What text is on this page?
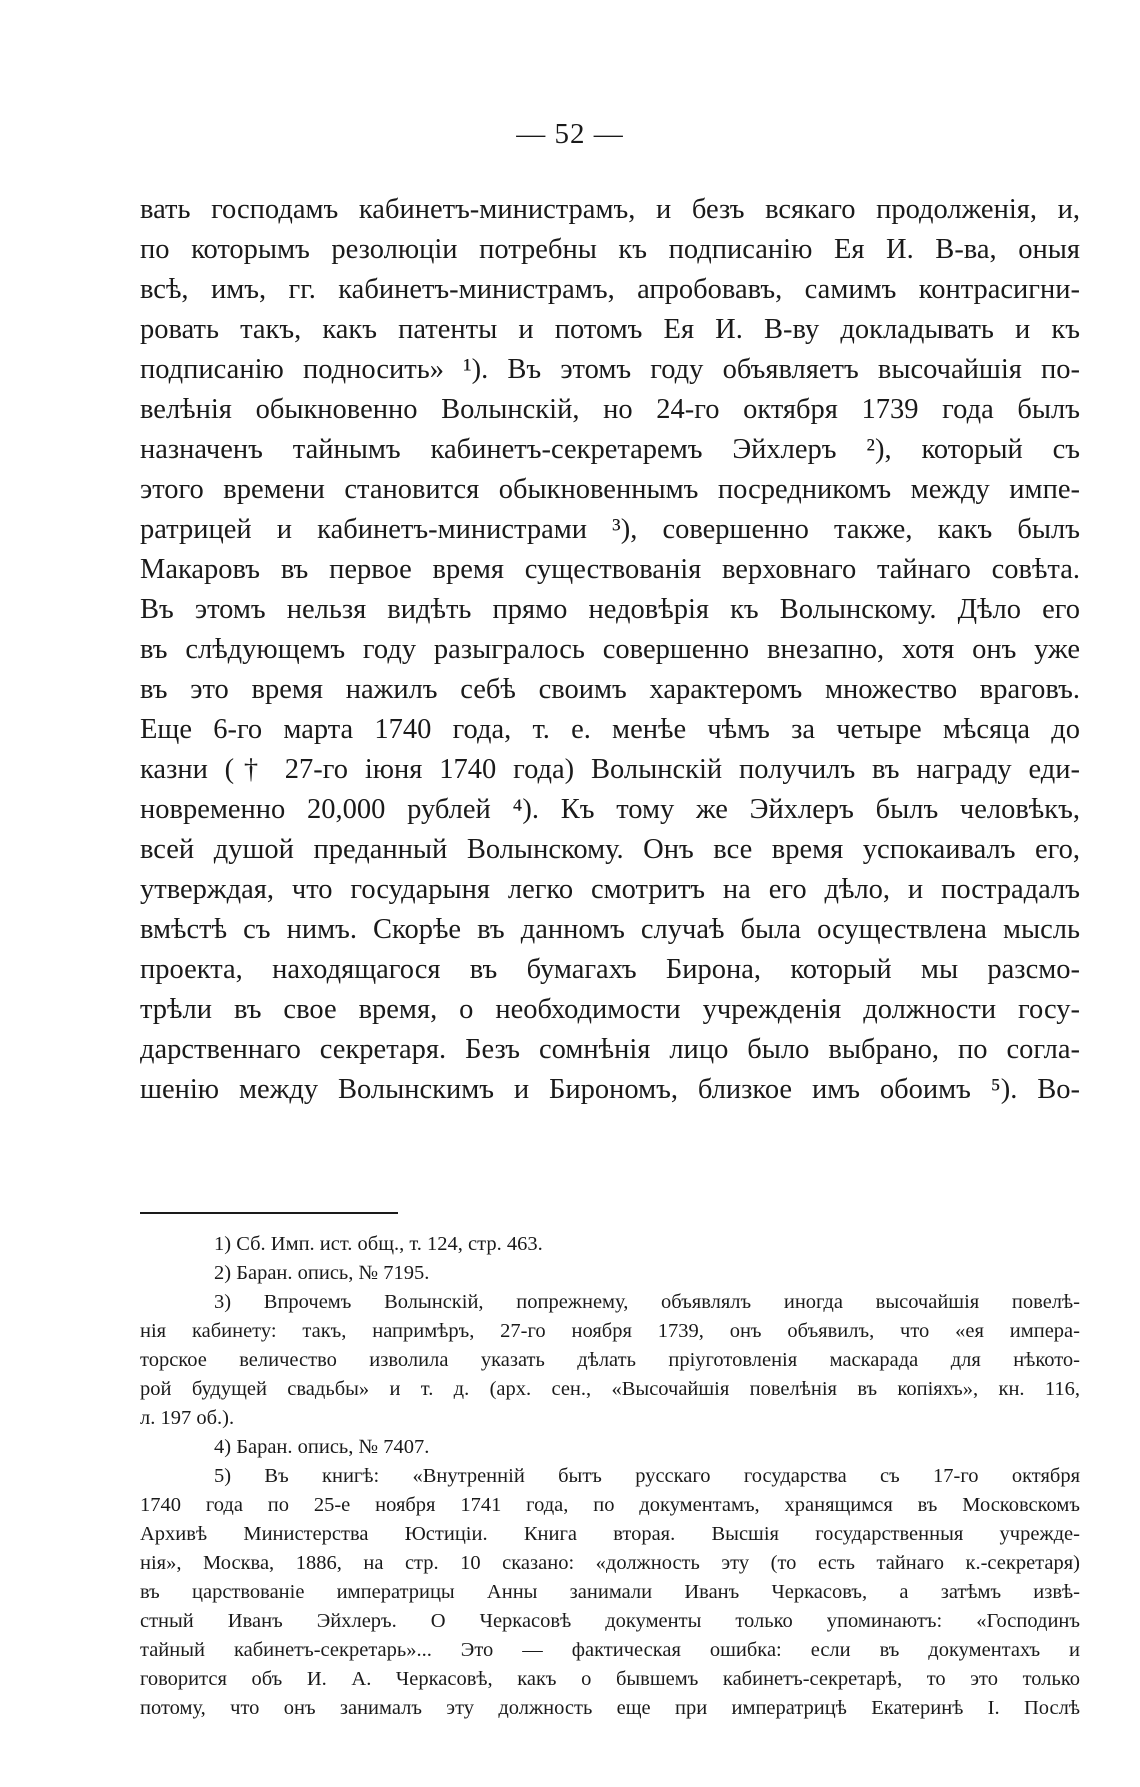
— 52 —
вать господамъ кабинетъ-министрамъ, и безъ всякаго продолженія, и,
по которымъ резолюціи потребны къ подписанію Ея И. В-ва, оныя
всѣ, имъ, гг. кабинетъ-министрамъ, апробовавъ, самимъ контрасигни-
ровать такъ, какъ патенты и потомъ Ея И. В-ву докладывать и къ
подписанію подносить» ¹). Въ этомъ году объявляетъ высочайшія по-
велѣнія обыкновенно Волынскій, но 24-го октября 1739 года былъ
назначенъ тайнымъ кабинетъ-секретаремъ Эйхлеръ ²), который съ
этого времени становится обыкновеннымъ посредникомъ между импе-
ратрицей и кабинетъ-министрами ³), совершенно также, какъ былъ
Макаровъ въ первое время существованія верховнаго тайнаго совѣта.
Въ этомъ нельзя видѣть прямо недовѣрія къ Волынскому. Дѣло его
въ слѣдующемъ году разыгралось совершенно внезапно, хотя онъ уже
въ это время нажилъ себѣ своимъ характеромъ множество враговъ.
Еще 6-го марта 1740 года, т. е. менѣе чѣмъ за четыре мѣсяца до
казни († 27-го іюня 1740 года) Волынскій получилъ въ награду еди-
новременно 20,000 рублей ⁴). Къ тому же Эйхлеръ былъ человѣкъ,
всей душой преданный Волынскому. Онъ все время успокаивалъ его,
утверждая, что государыня легко смотритъ на его дѣло, и пострадалъ
вмѣстѣ съ нимъ. Скорѣе въ данномъ случаѣ была осуществлена мысль
проекта, находящагося въ бумагахъ Бирона, который мы разсмо-
трѣли въ свое время, о необходимости учрежденія должности госу-
дарственнаго секретаря. Безъ сомнѣнія лицо было выбрано, по согла-
шенію между Волынскимъ и Бирономъ, близкое имъ обоимъ ⁵). Во-
1) Сб. Имп. ист. общ., т. 124, стр. 463.
2) Баран. опись, № 7195.
3) Впрочемъ Волынскій, попрежнему, объявлялъ иногда высочайшія повелѣ-
нія кабинету: такъ, напримѣръ, 27-го ноября 1739, онъ объявилъ, что «ея импера-
торское величество изволила указать дѣлать пріуготовленія маскарада для нѣкото-
рой будущей свадьбы» и т. д. (арх. сен., «Высочайшія повелѣнія въ копіяхъ», кн. 116,
л. 197 об.).
4) Баран. опись, № 7407.
5) Въ книгѣ: «Внутренній бытъ русскаго государства съ 17-го октября
1740 года по 25-е ноября 1741 года, по документамъ, хранящимся въ Московскомъ
Архивѣ Министерства Юстиціи. Книга вторая. Высшія государственныя учрежде-
нія», Москва, 1886, на стр. 10 сказано: «должность эту (то есть тайнаго к.-секретаря)
въ царствованіе императрицы Анны занимали Иванъ Черкасовъ, а затѣмъ извѣ-
стный Иванъ Эйхлеръ. О Черкасовѣ документы только упоминаютъ: «Господинъ
тайный кабинетъ-секретарь»... Это — фактическая ошибка: если въ документахъ и
говорится объ И. А. Черкасовѣ, какъ о бывшемъ кабинетъ-секретарѣ, то это только
потому, что онъ занималъ эту должность еще при императрицѣ Екатеринѣ I. Послѣ
